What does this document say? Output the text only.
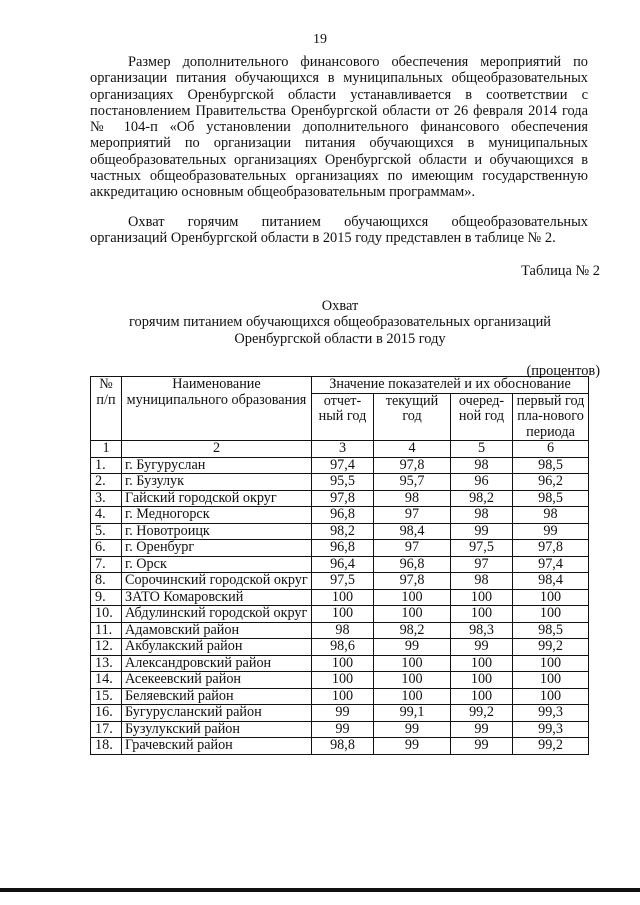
19

Размер дополнительного финансового обеспечения мероприятий по организации питания обучающихся в муниципальных общеобразовательных организациях Оренбургской области устанавливается в соответствии с постановлением Правительства Оренбургской области от 26 февраля 2014 года № 104-п «Об установлении дополнительного финансового обеспечения мероприятий по организации питания обучающихся в муниципальных общеобразовательных организациях Оренбургской области и обучающихся в частных общеобразовательных организациях по имеющим государственную аккредитацию основным общеобразовательным программам».

Охват горячим питанием обучающихся общеобразовательных организаций Оренбургской области в 2015 году представлен в таблице № 2.

Таблица № 2
Охват
горячим питанием обучающихся общеобразовательных организаций
Оренбургской области в 2015 году
(процентов)
№ п/п	Наименование муниципального образования	Значение показателей и их обоснование			
		отчет-ный год	текущий год	очеред-ной год	первый год пла-нового периода
1	2	3	4	5	6
1.	г. Бугуруслан	97,4	97,8	98	98,5
2.	г. Бузулук	95,5	95,7	96	96,2
3.	Гайский городской округ	97,8	98	98,2	98,5
4.	г. Медногорск	96,8	97	98	98
5.	г. Новотроицк	98,2	98,4	99	99
6.	г. Оренбург	96,8	97	97,5	97,8
7.	г. Орск	96,4	96,8	97	97,4
8.	Сорочинский городской округ	97,5	97,8	98	98,4
9.	ЗАТО Комаровский	100	100	100	100
10.	Абдулинский городской округ	100	100	100	100
11.	Адамовский район	98	98,2	98,3	98,5
12.	Акбулакский район	98,6	99	99	99,2
13.	Александровский район	100	100	100	100
14.	Асекеевский район	100	100	100	100
15.	Беляевский район	100	100	100	100
16.	Бугурусланский район	99	99,1	99,2	99,3
17.	Бузулукский район	99	99	99	99,3
18.	Грачевский район	98,8	99	99	99,2
